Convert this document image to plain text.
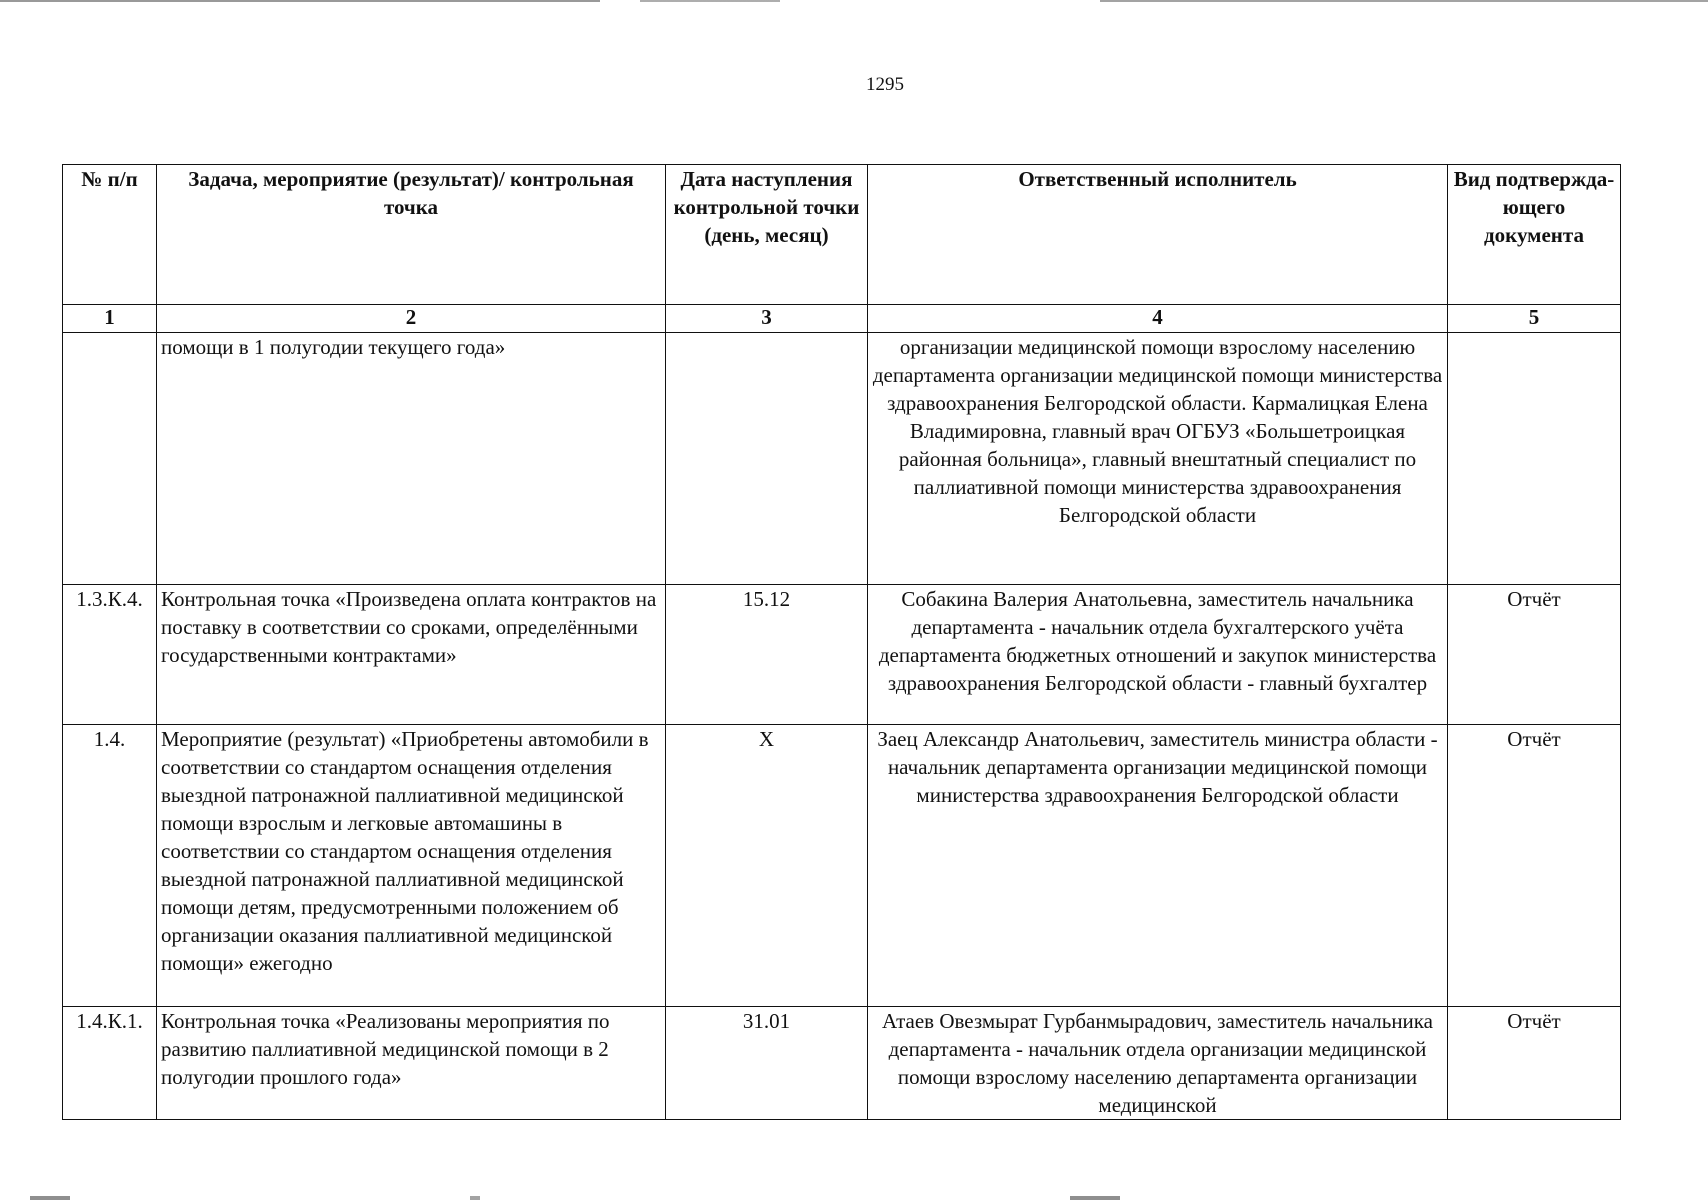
1295
№ п/п	Задача, мероприятие (результат)/ контрольная точка	Дата наступления контрольной точки (день, месяц)	Ответственный исполнитель	Вид подтвержда-ющего документа
1	2	3	4	5
	помощи в 1 полугодии текущего года»		организации медицинской помощи взрослому населению департамента организации медицинской помощи министерства здравоохранения Белгородской области. Кармалицкая Елена Владимировна, главный врач ОГБУЗ «Большетроицкая районная больница», главный внештатный специалист по паллиативной помощи министерства здравоохранения Белгородской области	
1.3.К.4.	Контрольная точка «Произведена оплата контрактов на поставку в соответствии со сроками, определёнными государственными контрактами»	15.12	Собакина Валерия Анатольевна, заместитель начальника департамента - начальник отдела бухгалтерского учёта департамента бюджетных отношений и закупок министерства здравоохранения Белгородской области - главный бухгалтер	Отчёт
1.4.	Мероприятие (результат) «Приобретены автомобили в соответствии со стандартом оснащения отделения выездной патронажной паллиативной медицинской помощи взрослым и легковые автомашины в соответствии со стандартом оснащения отделения выездной патронажной паллиативной медицинской помощи детям, предусмотренными положением об организации оказания паллиативной медицинской помощи» ежегодно	X	Заец Александр Анатольевич, заместитель министра области - начальник департамента организации медицинской помощи министерства здравоохранения Белгородской области	Отчёт
1.4.К.1.	Контрольная точка «Реализованы мероприятия по развитию паллиативной медицинской помощи в 2 полугодии прошлого года»	31.01	Атаев Овезмырат Гурбанмырадович, заместитель начальника департамента - начальник отдела организации медицинской помощи взрослому населению департамента организации медицинской	Отчёт
